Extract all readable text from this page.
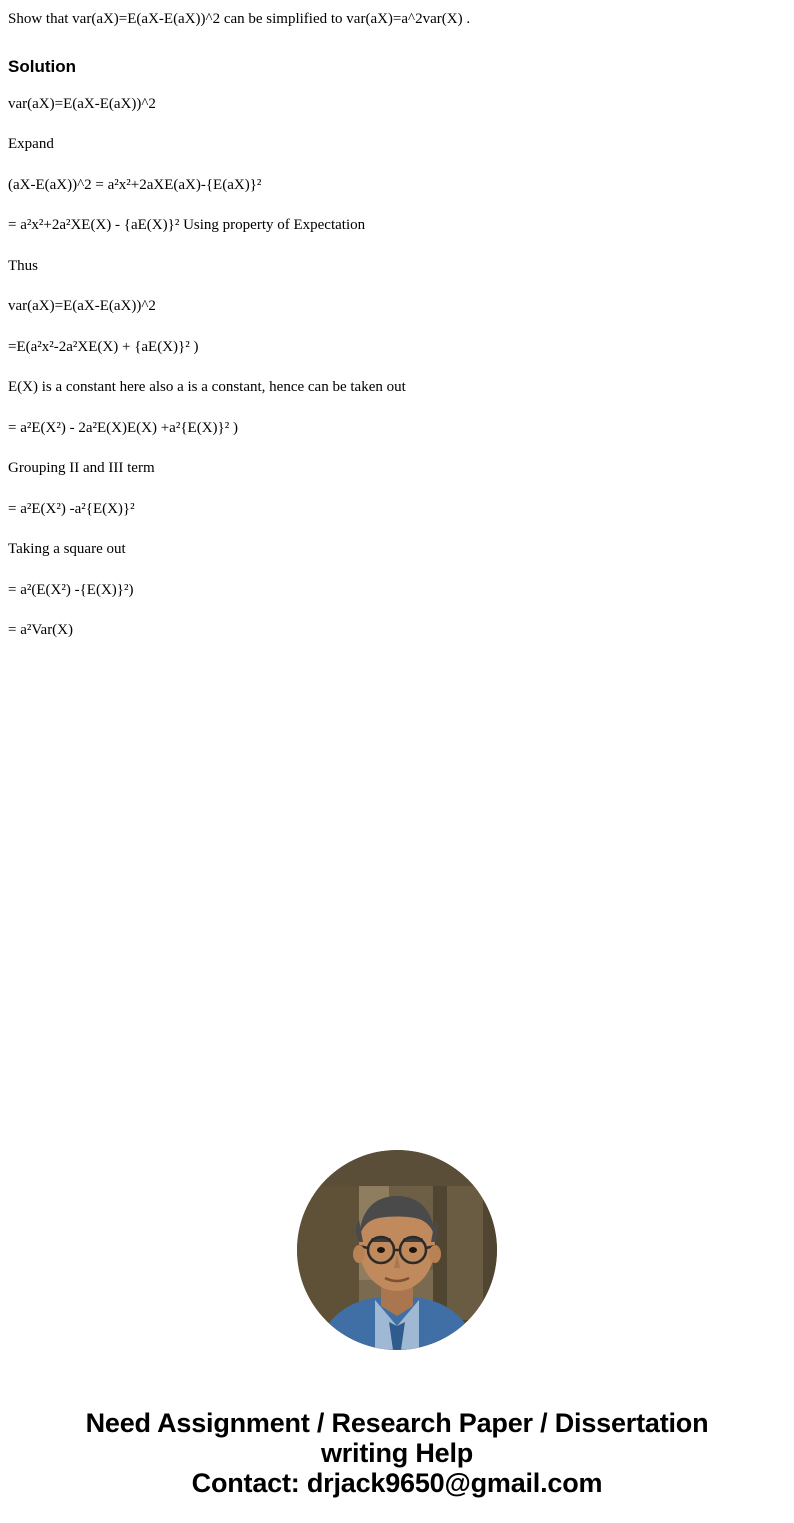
Show that var(aX)=E(aX-E(aX))^2 can be simplified to var(aX)=a^2var(X) .

Solution

var(aX)=E(aX-E(aX))^2

Expand

(aX-E(aX))^2 = a²x²+2aXE(aX)-{E(aX)}²

= a²x²+2a²XE(X) - {aE(X)}² Using property of Expectation

Thus

var(aX)=E(aX-E(aX))^2

=E(a²x²-2a²XE(X) + {aE(X)}² )

E(X) is a constant here also a is a constant, hence can be taken out

= a²E(X²) - 2a²E(X)E(X) +a²{E(X)}² )

Grouping II and III term

= a²E(X²) -a²{E(X)}²

Taking a square out

= a²(E(X²) -{E(X)}²)

= a²Var(X)

Need Assignment / Research Paper / Dissertation
writing Help
Contact: drjack9650@gmail.com
